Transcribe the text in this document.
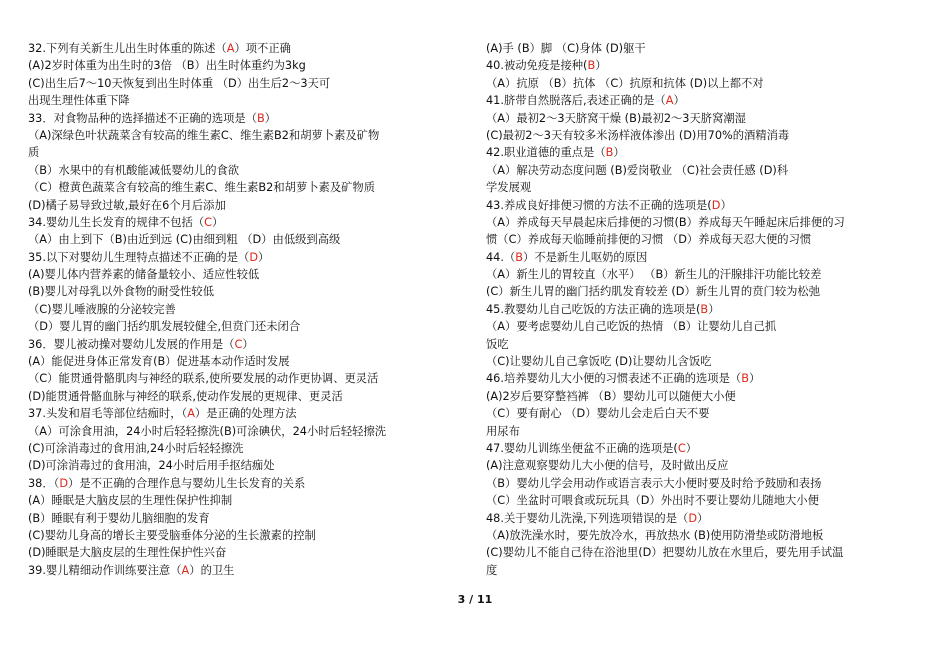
32.下列有关新生儿出生时体重的陈述（A）项不正确
(A)2岁时体重为出生时的3倍 （B）出生时体重约为3kg
(C)出生后7～10天恢复到出生时体重 （D）出生后2～3天可
出现生理性体重下降
33．对食物品种的选择描述不正确的选项是（B）
（A)深绿色叶状蔬菜含有较高的维生素C、维生素B2和胡萝卜素及矿物
质
（B）水果中的有机酸能减低婴幼儿的食欲
（C）橙黄色蔬菜含有较高的维生素C、维生素B2和胡萝卜素及矿物质
(D)橘子易导致过敏,最好在6个月后添加
34.婴幼儿生长发育的规律不包括（C）
（A）由上到下（B)由近到远 (C)由细到粗 （D）由低级到高级
35.以下对婴幼儿生理特点描述不正确的是（D）
(A)婴儿体内营养素的储备量较小、适应性较低
(B)婴儿对母乳以外食物的耐受性较低
（C)婴儿唾液腺的分泌较完善
（D）婴儿胃的幽门括约肌发展较健全,但贲门还未闭合
36．婴儿被动操对婴幼儿发展的作用是（C）
(A）能促进身体正常发育(B）促进基本动作适时发展
（C）能贯通骨骼肌肉与神经的联系,使所要发展的动作更协调、更灵活
(D)能贯通骨骼血脉与神经的联系,使动作发展的更规律、更灵活
37.头发和眉毛等部位结痂时，（A）是正确的处理方法
（A）可涂食用油，24小时后轻轻擦洗(B)可涂碘伏，24小时后轻轻擦洗
(C)可涂消毒过的食用油,24小时后轻轻擦洗
(D)可涂消毒过的食用油，24小时后用手抠结痂处
38．（D）是不正确的合理作息与婴幼儿生长发育的关系
(A）睡眠是大脑皮层的生理性保护性抑制
(B）睡眠有利于婴幼儿脑细胞的发育
(C)婴幼儿身高的增长主要受脑垂体分泌的生长激素的控制
(D)睡眠是大脑皮层的生理性保护性兴奋
39.婴儿精细动作训练要注意（A）的卫生
(A)手 (B）脚 （C)身体 (D)躯干
40.被动免疫是接种(B）
（A）抗原 （B）抗体 （C）抗原和抗体 (D)以上都不对
41.脐带自然脱落后,表述正确的是（A）
（A）最初2～3天脐窝干燥 (B)最初2～3天脐窝潮湿
(C)最初2～3天有较多米汤样液体渗出 (D)用70%的酒精消毒
42.职业道德的重点是（B）
（A）解决劳动态度问题 (B)爱岗敬业 （C)社会责任感 (D)科
学发展观
43.养成良好排便习惯的方法不正确的选项是(D）
（A）养成每天早晨起床后排便的习惯(B）养成每天午睡起床后排便的习
惯（C）养成每天临睡前排便的习惯 （D）养成每天忍大便的习惯
44.（B）不是新生儿呕奶的原因
（A）新生儿的胃较直（水平） （B）新生儿的汗腺排汗功能比较差
(C）新生儿胃的幽门括约肌发育较差 (D）新生儿胃的贲门较为松弛
45.教婴幼儿自己吃饭的方法正确的选项是(B）
（A）要考虑婴幼儿自己吃饭的热情 （B）让婴幼儿自己抓
饭吃
（C)让婴幼儿自己拿饭吃 (D)让婴幼儿含饭吃
46.培养婴幼儿大小便的习惯表述不正确的选项是（B）
(A)2岁后要穿整裆裤 （B）婴幼儿可以随便大小便
（C）要有耐心 （D）婴幼儿会走后白天不要
用尿布
47.婴幼儿训练坐便盆不正确的选项是(C）
(A)注意观察婴幼儿大小便的信号，及时做出反应
（B）婴幼儿学会用动作或语言表示大小便时要及时给予鼓励和表扬
（C）坐盆时可喂食或玩玩具（D）外出时不要让婴幼儿随地大小便
48.关于婴幼儿洗澡,下列选项错误的是（D）
（A)放洗澡水时，要先放冷水，再放热水 (B)使用防滑垫或防滑地板
(C)婴幼儿不能自己待在浴池里(D）把婴幼儿放在水里后，要先用手试温
度
3 / 11
